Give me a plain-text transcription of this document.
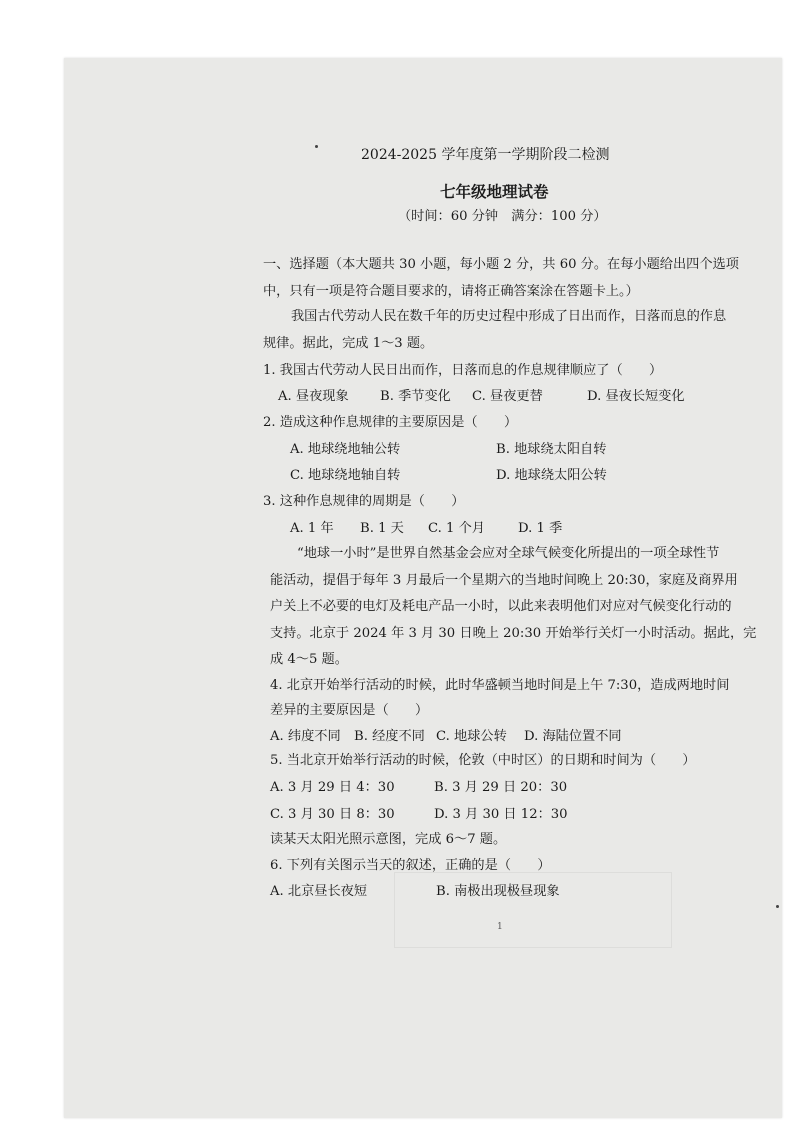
2024-2025 学年度第一学期阶段二检测
七年级地理试卷
（时间：60 分钟　满分：100 分）
一、选择题（本大题共 30 小题，每小题 2 分，共 60 分。在每小题给出四个选项
中，只有一项是符合题目要求的，请将正确答案涂在答题卡上。）
我国古代劳动人民在数千年的历史过程中形成了日出而作，日落而息的作息
规律。据此，完成 1～3 题。
1. 我国古代劳动人民日出而作，日落而息的作息规律顺应了（　　）
A. 昼夜现象 B. 季节变化 C. 昼夜更替	D. 昼夜长短变化
2. 造成这种作息规律的主要原因是（　　）
A. 地球绕地轴公转	B. 地球绕太阳自转
C. 地球绕地轴自转	D. 地球绕太阳公转
3. 这种作息规律的周期是（　　）
A. 1 年 B. 1 天 C. 1 个月	D. 1 季
“地球一小时”是世界自然基金会应对全球气候变化所提出的一项全球性节
能活动，提倡于每年 3 月最后一个星期六的当地时间晚上 20:30，家庭及商界用
户关上不必要的电灯及耗电产品一小时，以此来表明他们对应对气候变化行动的
支持。北京于 2024 年 3 月 30 日晚上 20:30 开始举行关灯一小时活动。据此，完
成 4～5 题。
4. 北京开始举行活动的时候，此时华盛顿当地时间是上午 7:30，造成两地时间
差异的主要原因是（　　）
A. 纬度不同 B. 经度不同 C. 地球公转 D. 海陆位置不同
5. 当北京开始举行活动的时候，伦敦（中时区）的日期和时间为（　　）
A. 3 月 29 日 4：30	B. 3 月 29 日 20：30
C. 3 月 30 日 8：30	D. 3 月 30 日 12：30
读某天太阳光照示意图，完成 6～7 题。
6. 下列有关图示当天的叙述，正确的是（　　）
A. 北京昼长夜短	B. 南极出现极昼现象
1
